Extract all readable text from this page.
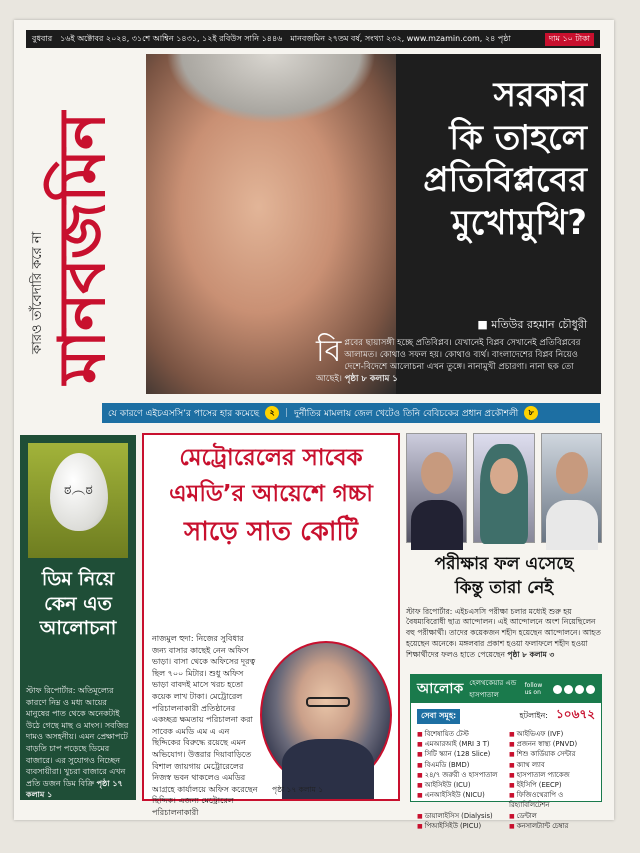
বুধবার ১৬ই অক্টোবর ২০২৪, ৩১শে আশ্বিন ১৪৩১, ১২ই রবিউস সানি ১৪৪৬ মানবজমিন ২৭তম বর্ষ, সংখ্যা ২৩২, www.mzamin.com, ২৪ পৃষ্ঠা	দাম ১০ টাকা
মানবজমিন
কারও তাঁবেদারি করে না
সরকার
কি তাহলে
প্রতিবিপ্লবের
মুখোমুখি?
■ মতিউর রহমান চৌধুরী
বি প্লবের ছায়াসঙ্গী হচ্ছে প্রতিবিপ্লব। যেখানেই বিপ্লব সেখানেই প্রতিবিপ্লবের আলামত। কোথাও সফল হয়। কোথাও ব্যর্থ। বাংলাদেশের বিপ্লব নিয়েও দেশে-বিদেশে আলোচনা এখন তুঙ্গে। নানামুখী প্রচারণা। নানা ছক তো আছেই। পৃষ্ঠা ৮ কলাম ১
যে কারণে এইচএসসি’র পাসের হার কমেছে	২	| দুর্নীতির মামলায় জেল খেটেও তিনি বেবিচকের প্রধান প্রকৌশলী	৮
ಠ︵ಠ
ডিম নিয়ে কেন এত আলোচনা
স্টাফ রিপোর্টার: অতিমূল্যের কারণে নিম্ন ও মধ্য আয়ের মানুষের পাত থেকে অনেকটাই উঠে গেছে মাছ ও মাংস। সবজির দামও অসহনীয়। এমন প্রেক্ষাপটে বাড়তি চাপ পড়েছে ডিমের বাজারে। এর সুযোগও নিচ্ছেন ব্যবসায়ীরা। খুচরা বাজারে এখন প্রতি ডজন ডিম বিক্রি পৃষ্ঠা ১৭ কলাম ১
মেট্রোরেলের সাবেক
এমডি’র আয়েশে গচ্চা
সাড়ে সাত কোটি
নাজমুল হুদা: নিজের সুবিধার জন্য বাসার কাছেই নেন অফিস ভাড়া। বাসা থেকে অফিসের দূরত্ব ছিল ৭০০ মিটার। শুধু অফিস ভাড়া বাবদই মাসে খরচ হতো কয়েক লাখ টাকা। মেট্রোরেল পরিচালনাকারী প্রতিষ্ঠানের একচ্ছত্র ক্ষমতায় পরিচালনা করা সাবেক এমডি এম এ এন ছিদ্দিকের বিরুদ্ধে রয়েছে এমন অভিযোগ। উত্তরার দিয়াবাড়িতে বিশাল জায়গায় মেট্রোরেলের নিজস্ব ভবন থাকলেও এমডির আগ্রহে কার্যালয়ে অফিস করেছেন ছিদ্দিক। এজন্য মেট্রোরেল পরিচালনাকারী
পৃষ্ঠা ১৭ কলাম ১
পরীক্ষার ফল এসেছে
কিন্তু তারা নেই
স্টাফ রিপোর্টার: এইচএসসি পরীক্ষা চলার মধ্যেই শুরু হয় বৈষম্যবিরোধী ছাত্র আন্দোলন। এই আন্দোলনে অংশ নিয়েছিলেন বহু পরীক্ষার্থী। তাদের কয়েকজন শহীদ হয়েছেন আন্দোলনে। আহত হয়েছেন অনেকে। মঙ্গলবার প্রকাশ হওয়া ফলাফলে শহীদ হওয়া শিক্ষার্থীদের ফলও হাতে পেয়েছেন পৃষ্ঠা ৮ কলাম ৩
আলোক হেলথকেয়ার এন্ড হাসপাতাল
follow us on
সেবা সমূহ:	হটলাইন: ১০৬৭২
■ বিশেষায়িত টেস্ট	■ আইভিএফ (IVF)
■ এমআরআই (MRI 3 T)	■ প্রজনন স্বাস্থ্য (PNVD)
■ সিটি স্ক্যান (128 Slice)	■ শিশু কার্ডিয়াক সেন্টার
■ বিএমডি (BMD)	■ ক্যাথ ল্যাব
■ ২৪/৭ জরুরী ও হাসপাতাল	■ হাসপাতাল প্যাকেজ
■ আইসিইউ (ICU)	■ ইইসিপি (EECP)
■ এনআইসিইউ (NICU)	■ ফিজিওথেরাপি ও রিহ্যাবিলিটেশন
■ ডায়ালাইসিস (Dialysis)	■ ডেন্টাল
■ পিআইসিইউ (PICU)	■ কনসালট্যান্ট চেম্বার
